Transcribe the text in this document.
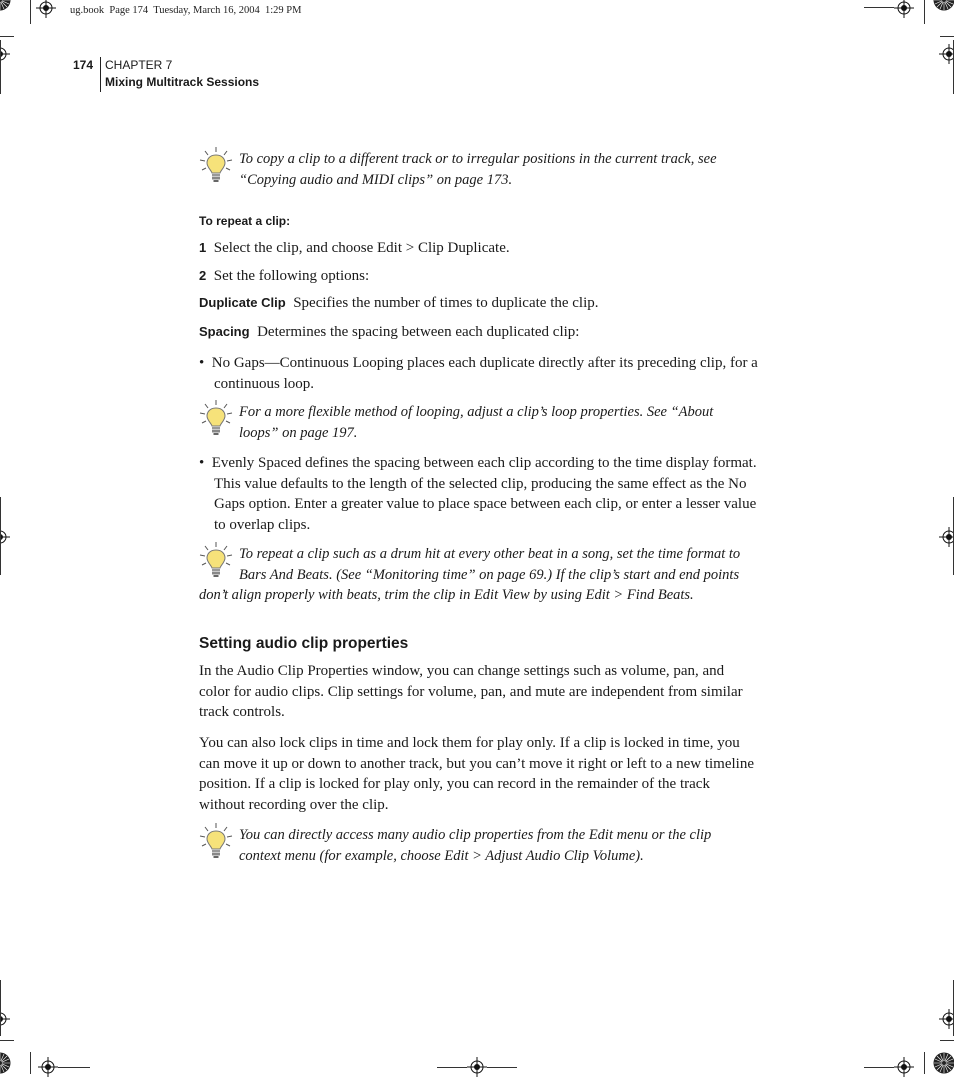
ug.book  Page 174  Tuesday, March 16, 2004  1:29 PM
174 CHAPTER 7
Mixing Multitrack Sessions
To copy a clip to a different track or to irregular positions in the current track, see “Copying audio and MIDI clips” on page 173.
To repeat a clip:
1 Select the clip, and choose Edit > Clip Duplicate.
2 Set the following options:
Duplicate Clip Specifies the number of times to duplicate the clip.
Spacing Determines the spacing between each duplicated clip:
• No Gaps—Continuous Looping places each duplicate directly after its preceding clip, for a continuous loop.
For a more flexible method of looping, adjust a clip’s loop properties. See “About loops” on page 197.
• Evenly Spaced defines the spacing between each clip according to the time display format. This value defaults to the length of the selected clip, producing the same effect as the No Gaps option. Enter a greater value to place space between each clip, or enter a lesser value to overlap clips.
To repeat a clip such as a drum hit at every other beat in a song, set the time format to Bars And Beats. (See “Monitoring time” on page 69.) If the clip’s start and end points don’t align properly with beats, trim the clip in Edit View by using Edit > Find Beats.
Setting audio clip properties
In the Audio Clip Properties window, you can change settings such as volume, pan, and color for audio clips. Clip settings for volume, pan, and mute are independent from similar track controls.
You can also lock clips in time and lock them for play only. If a clip is locked in time, you can move it up or down to another track, but you can’t move it right or left to a new timeline position. If a clip is locked for play only, you can record in the remainder of the track without recording over the clip.
You can directly access many audio clip properties from the Edit menu or the clip context menu (for example, choose Edit > Adjust Audio Clip Volume).
